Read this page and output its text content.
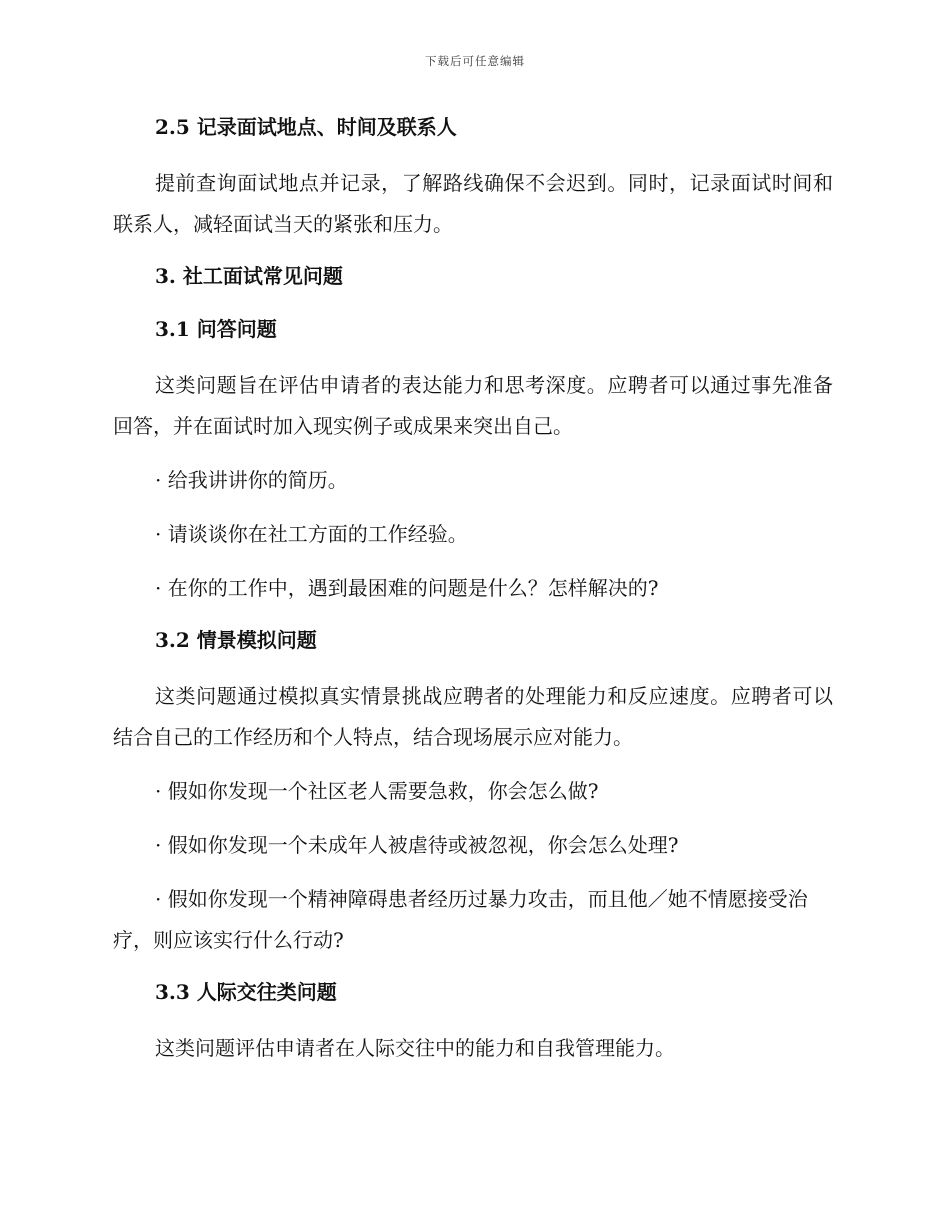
下载后可任意编辑

2.5 记录面试地点、时间及联系人

提前查询面试地点并记录，了解路线确保不会迟到。同时，记录面试时间和联系人，减轻面试当天的紧张和压力。

3. 社工面试常见问题

3.1 问答问题

这类问题旨在评估申请者的表达能力和思考深度。应聘者可以通过事先准备回答，并在面试时加入现实例子或成果来突出自己。

· 给我讲讲你的简历。

· 请谈谈你在社工方面的工作经验。

· 在你的工作中，遇到最困难的问题是什么？怎样解决的?

3.2 情景模拟问题

这类问题通过模拟真实情景挑战应聘者的处理能力和反应速度。应聘者可以结合自己的工作经历和个人特点，结合现场展示应对能力。

· 假如你发现一个社区老人需要急救，你会怎么做?

· 假如你发现一个未成年人被虐待或被忽视，你会怎么处理?

· 假如你发现一个精神障碍患者经历过暴力攻击，而且他／她不情愿接受治疗，则应该实行什么行动?

3.3 人际交往类问题

这类问题评估申请者在人际交往中的能力和自我管理能力。
